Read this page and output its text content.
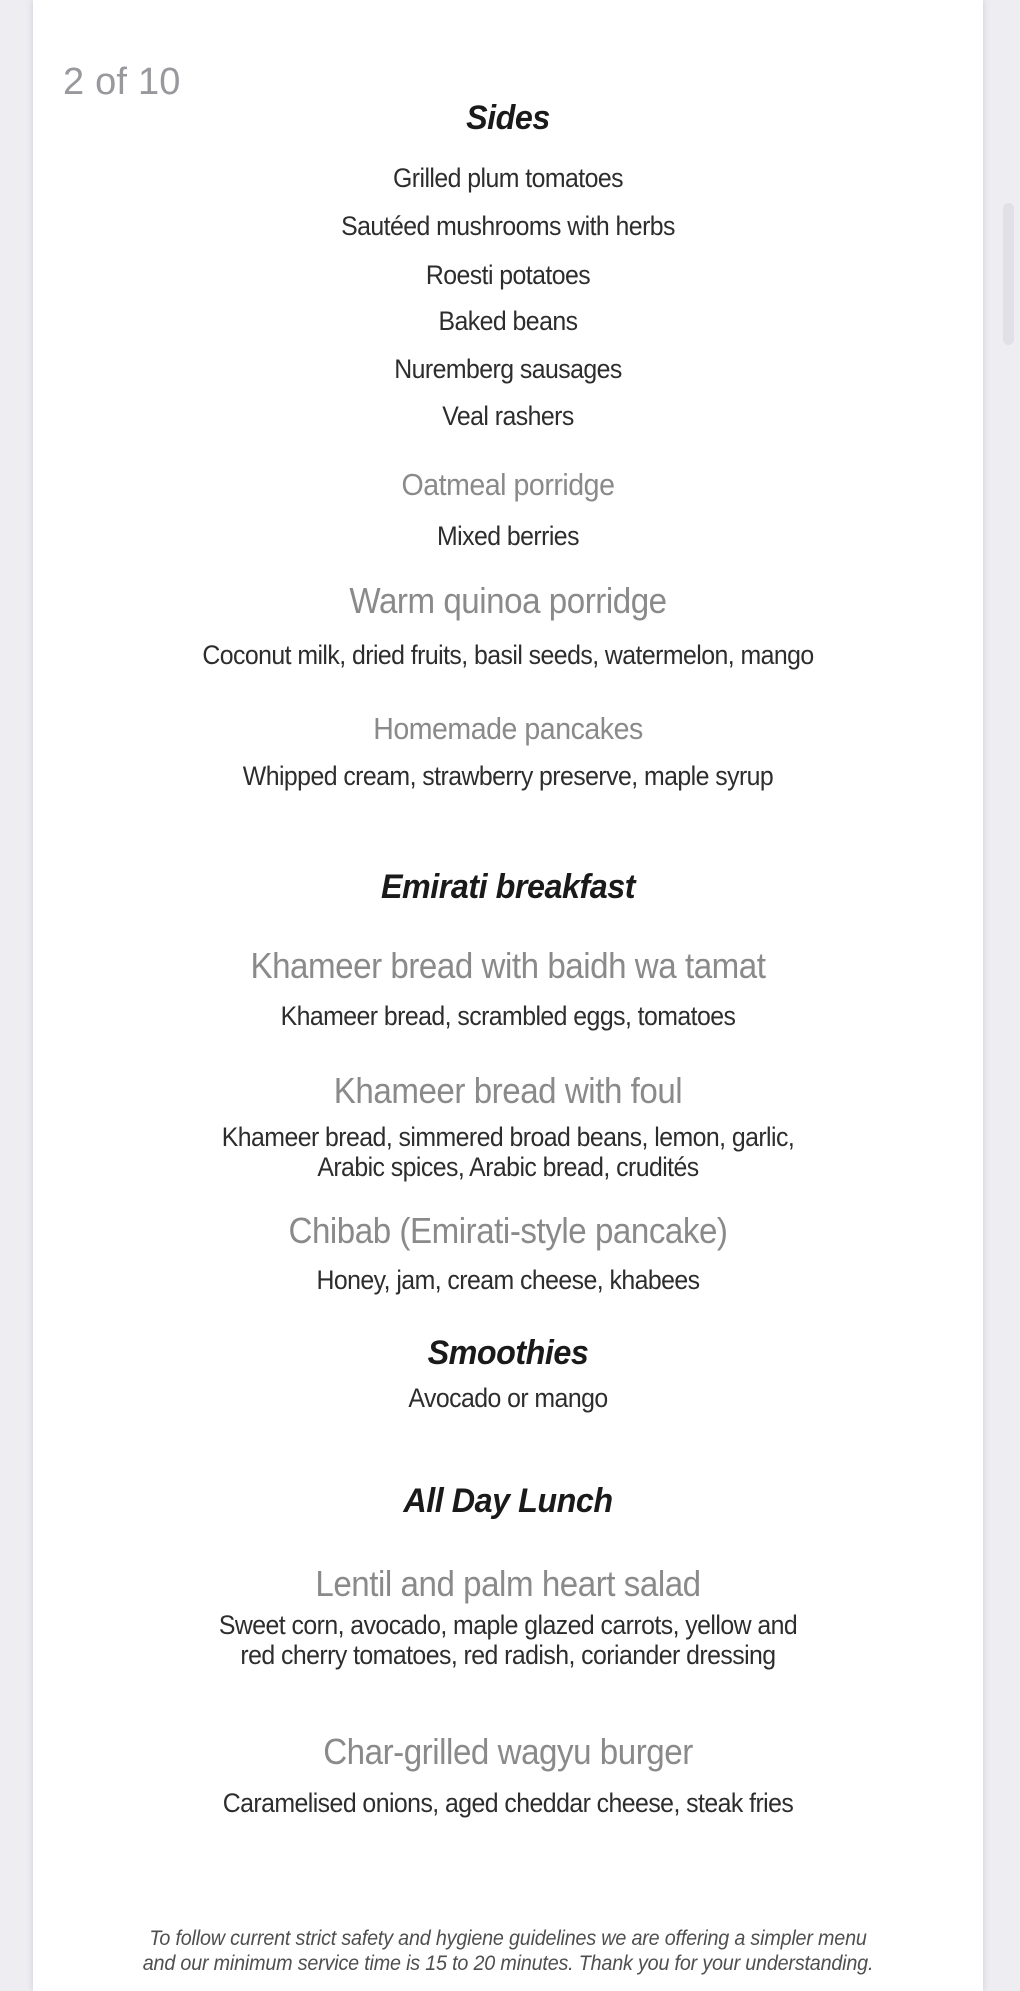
2 of 10
Sides
Grilled plum tomatoes
Sautéed mushrooms with herbs
Roesti potatoes
Baked beans
Nuremberg sausages
Veal rashers
Oatmeal porridge
Mixed berries
Warm quinoa porridge
Coconut milk, dried fruits, basil seeds, watermelon, mango
Homemade pancakes
Whipped cream, strawberry preserve, maple syrup
Emirati breakfast
Khameer bread with baidh wa tamat
Khameer bread, scrambled eggs, tomatoes
Khameer bread with foul
Khameer bread, simmered broad beans, lemon, garlic,
Arabic spices, Arabic bread, crudités
Chibab (Emirati-style pancake)
Honey, jam, cream cheese, khabees
Smoothies
Avocado or mango
All Day Lunch
Lentil and palm heart salad
Sweet corn, avocado, maple glazed carrots, yellow and
red cherry tomatoes, red radish, coriander dressing
Char-grilled wagyu burger
Caramelised onions, aged cheddar cheese, steak fries
To follow current strict safety and hygiene guidelines we are offering a simpler menu
and our minimum service time is 15 to 20 minutes. Thank you for your understanding.
